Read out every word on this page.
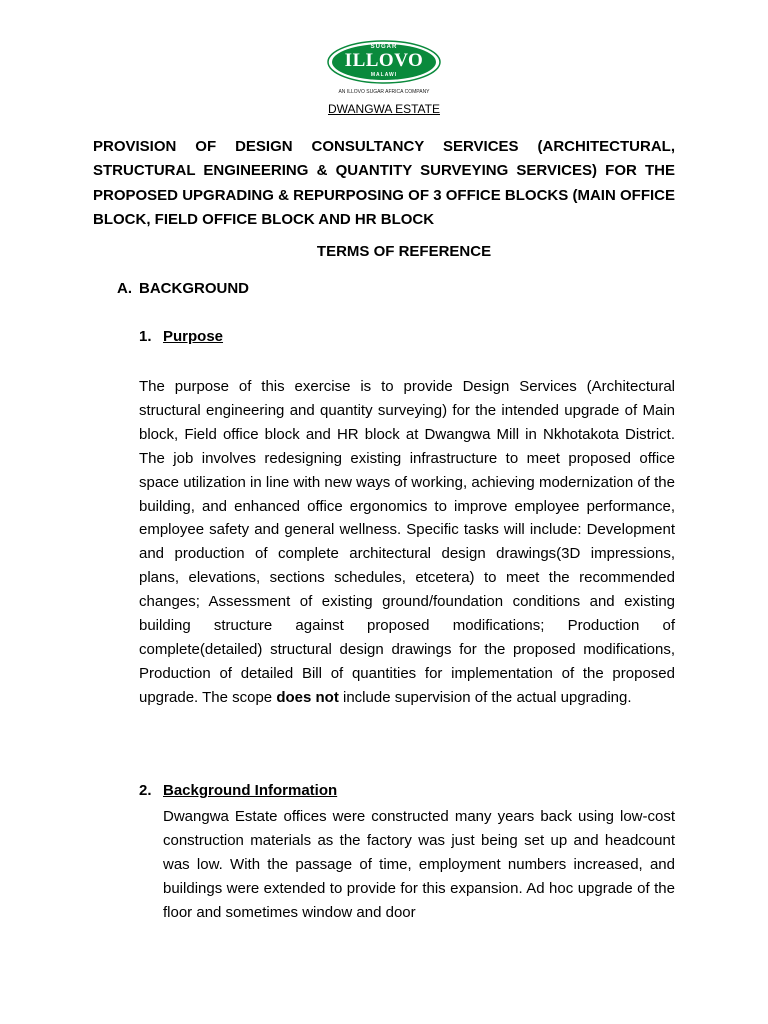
SUGAR
ILLOVO
MALAWI
AN ILLOVO SUGAR AFRICA COMPANY
DWANGWA ESTATE
PROVISION OF DESIGN CONSULTANCY SERVICES (ARCHITECTURAL, STRUCTURAL ENGINEERING & QUANTITY SURVEYING SERVICES) FOR THE PROPOSED UPGRADING & REPURPOSING OF 3 OFFICE BLOCKS (MAIN OFFICE BLOCK, FIELD OFFICE BLOCK AND HR BLOCK
TERMS OF REFERENCE
A. BACKGROUND
1. Purpose
The purpose of this exercise is to provide Design Services (Architectural structural engineering and quantity surveying) for the intended upgrade of Main block, Field office block and HR block at Dwangwa Mill in Nkhotakota District. The job involves redesigning existing infrastructure to meet proposed office space utilization in line with new ways of working, achieving modernization of the building, and enhanced office ergonomics to improve employee performance, employee safety and general wellness. Specific tasks will include: Development and production of complete architectural design drawings(3D impressions, plans, elevations, sections schedules, etcetera) to meet the recommended changes; Assessment of existing ground/foundation conditions and existing building structure against proposed modifications; Production of complete(detailed) structural design drawings for the proposed modifications, Production of detailed Bill of quantities for implementation of the proposed upgrade. The scope does not include supervision of the actual upgrading.
2. Background Information
Dwangwa Estate offices were constructed many years back using low-cost construction materials as the factory was just being set up and headcount was low. With the passage of time, employment numbers increased, and buildings were extended to provide for this expansion. Ad hoc upgrade of the floor and sometimes window and door
